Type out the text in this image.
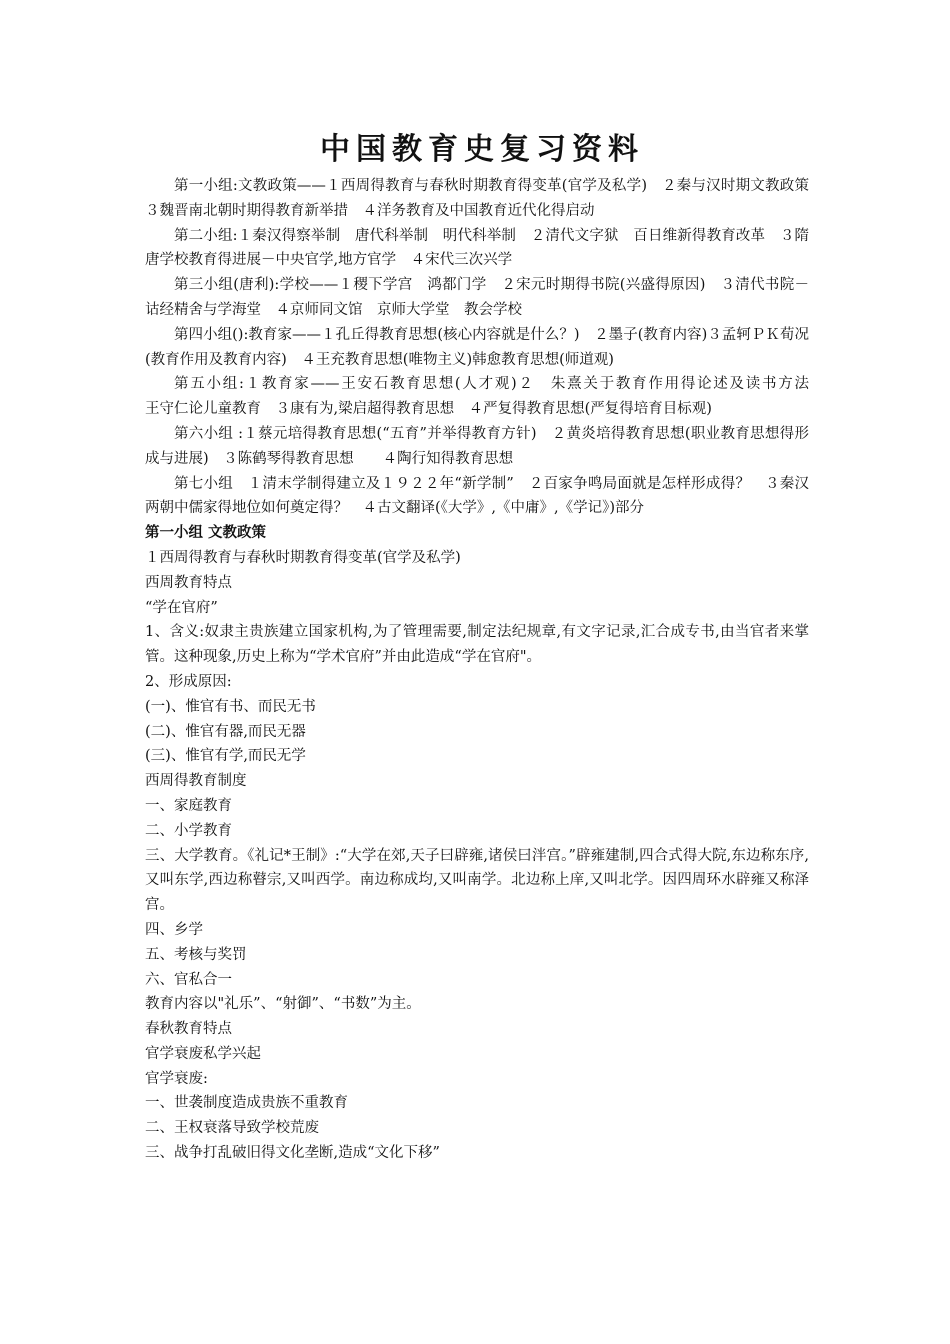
中国教育史复习资料

第一小组:文教政策——１西周得教育与春秋时期教育得变革(官学及私学)　２秦与汉时期文教政策　３魏晋南北朝时期得教育新举措　４洋务教育及中国教育近代化得启动

第二小组:１秦汉得察举制　唐代科举制　明代科举制　２清代文字狱　百日维新得教育改革　３隋唐学校教育得进展－中央官学,地方官学　４宋代三次兴学

第三小组(唐利):学校——１稷下学宫　鸿都门学　２宋元时期得书院(兴盛得原因)　３清代书院－诂经精舍与学海堂　４京师同文馆　京师大学堂　教会学校

第四小组():教育家——１孔丘得教育思想(核心内容就是什么？)　２墨子(教育内容)３孟轲ＰＫ荀况(教育作用及教育内容)　４王充教育思想(唯物主义)韩愈教育思想(师道观)

第五小组:１教育家——王安石教育思想(人才观)２　朱熹关于教育作用得论述及读书方法　　　　　王守仁论儿童教育　３康有为,梁启超得教育思想　４严复得教育思想(严复得培育目标观)

第六小组 :１蔡元培得教育思想(“五育”并举得教育方针)　２黄炎培得教育思想(职业教育思想得形成与进展)　３陈鹤琴得教育思想　　４陶行知得教育思想

第七小组　１清末学制得建立及１９２２年“新学制”　２百家争鸣局面就是怎样形成得？　３秦汉两朝中儒家得地位如何奠定得？　４古文翻译(《大学》,《中庸》,《学记》)部分

第一小组 文教政策

１西周得教育与春秋时期教育得变革(官学及私学)

西周教育特点

“学在官府”

1、含义:奴隶主贵族建立国家机构,为了管理需要,制定法纪规章,有文字记录,汇合成专书,由当官者来掌管。这种现象,历史上称为“学术官府”并由此造成“学在官府"。

2、形成原因:

(一)、惟官有书、而民无书

(二)、惟官有器,而民无器

(三)、惟官有学,而民无学

西周得教育制度

一、家庭教育

二、小学教育

三、大学教育。《礼记*王制》:“大学在郊,天子曰辟雍,诸侯曰泮宫。”辟雍建制,四合式得大院,东边称东序,又叫东学,西边称瞽宗,又叫西学。南边称成均,又叫南学。北边称上庠,又叫北学。因四周环水辟雍又称泽宫。

四、乡学

五、考核与奖罚

六、官私合一

教育内容以"礼乐”、“射御”、“书数”为主。

春秋教育特点

官学衰废私学兴起

官学衰废:

一、世袭制度造成贵族不重教育

二、王权衰落导致学校荒废

三、战争打乱破旧得文化垄断,造成“文化下移”
